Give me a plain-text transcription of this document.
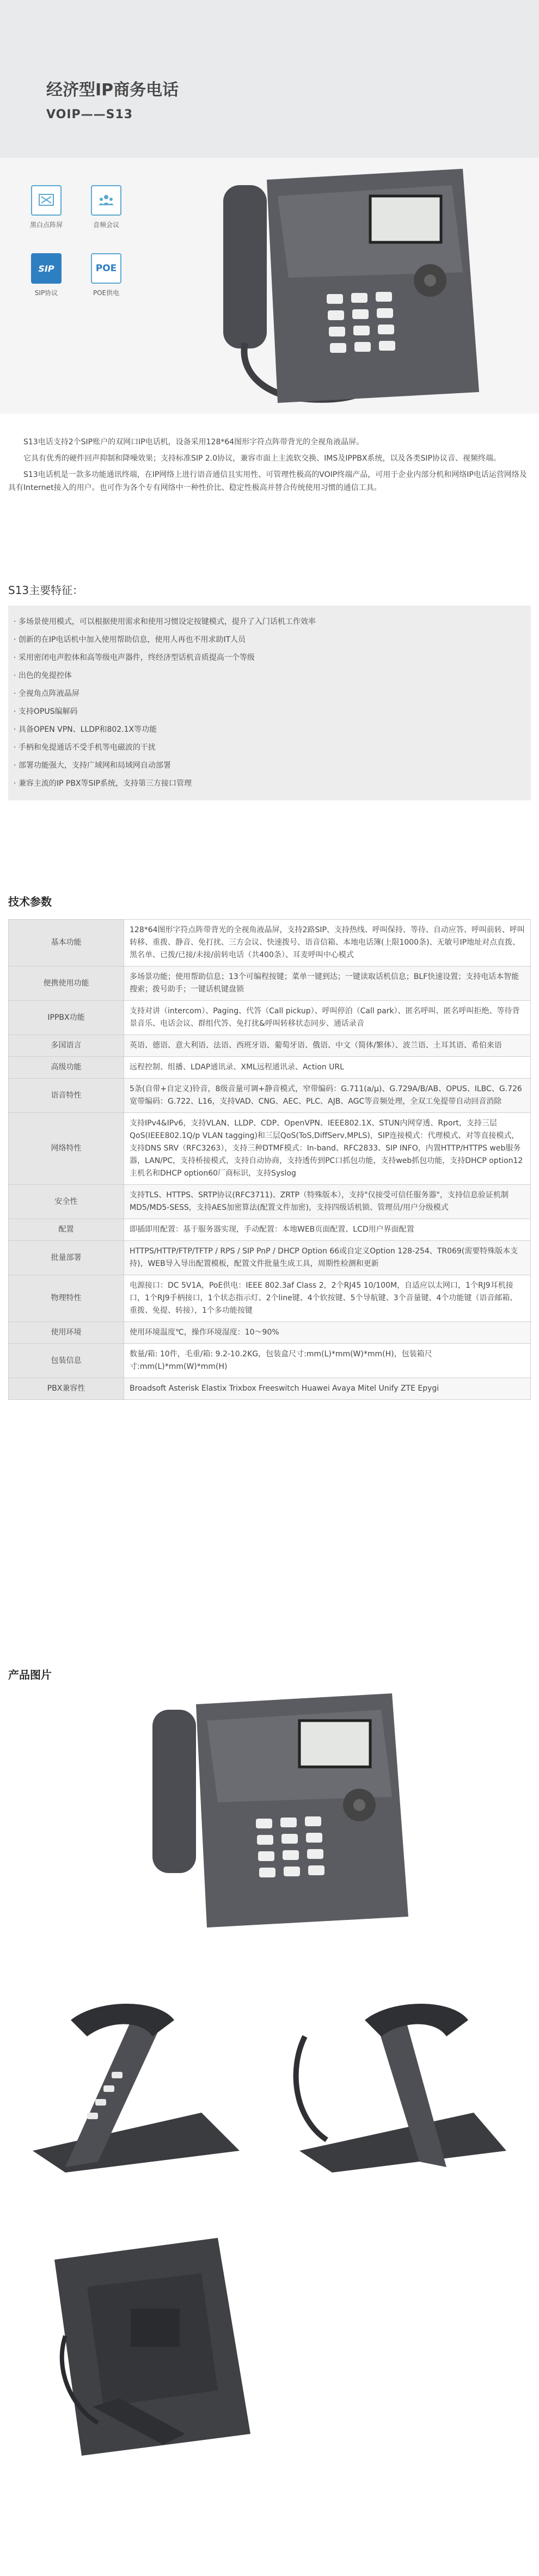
经济型IP商务电话
VOIP——S13
黑白点阵屏	音频会议
SIP
SIP协议
POE
POE供电

S13电话支持2个SIP账户的双网口IP电话机，设备采用128*64图形字符点阵带背光的全视角液晶屏。

它具有优秀的硬件回声抑制和降噪效果；支持标准SIP 2.0协议，兼容市面上主流软交换、IMS及IPPBX系统，以及各类SIP协议音、视频终端。

S13电话机是一款多功能通讯终端，在IP网络上进行语音通信且实用性、可管理性极高的VOIP终端产品，可用于企业内部分机和网络IP电话运营网络及具有Internet接入的用户。也可作为各个专有网络中一种性价比、稳定性极高并替合传统使用习惯的通信工具。

S13主要特征：
· 多场景使用模式，可以根据使用需求和使用习惯设定按键模式，提升了入门话机工作效率
· 创新的在IP电话机中加入使用帮助信息，使用人再也不用求助IT人员
· 采用密闭电声腔体和高等级电声器件，终经济型话机音质提高一个等级
· 出色的免提控体
· 全视角点阵液晶屏
· 支持OPUS编解码
· 具备OPEN VPN、LLDP和802.1X等功能
· 手柄和免提通话不受手机等电磁波的干扰
· 部署功能强大，支持广域网和局域网自动部署
· 兼容主流的IP PBX等SIP系统，支持第三方接口管理
技术参数
基本功能	128*64图形字符点阵带背光的全视角液晶屏，支持2路SIP、支持热线、呼叫保持、等待、自动应答、呼叫前转、呼叫转移、重拨、静音、免打扰、三方会议、快速拨号、语音信箱、本地电话簿(上限1000条)、无敏号IP地址对点直拨、黑名单、已拨/已接/未接/前转电话（共400条）、耳麦呼叫中心模式
便携使用功能	多场景功能；使用帮助信息；13个可编程按键；菜单一键到达；一键读取话机信息；BLF快速设置；支持电话本智能搜索；拨号助手；一键话机键盘锁
IPPBX功能	支持对讲（intercom）、Paging、代答（Call pickup）、呼叫停泊（Call park）、匿名呼叫、匿名呼叫拒绝、等待背景音乐、电话会议、群组代答、免打扰&呼叫转移状态同步、通话录音
多国语言	英语、德语、意大利语、法语、西班牙语、葡萄牙语、俄语、中文（简体/繁体）、波兰语、土耳其语、希伯来语
高级功能	远程控制、组播、LDAP通讯录、XML远程通讯录、Action URL
语音特性	5条(自带+自定义)铃音，8级音量可调+静音模式，窄带编码：G.711(a/μ)、G.729A/B/AB、OPUS、ILBC、G.726 宽带编码：G.722、L16，支持VAD、CNG、AEC、PLC、AJB、AGC等音频处理，全双工免提带自动回音消除
网络特性	支持IPv4&IPv6，支持VLAN、LLDP、CDP、OpenVPN、IEEE802.1X、STUN内网穿透、Rport，支持三层QoS(IEEE802.1Q/p VLAN tagging)和三层QoS(ToS,DiffServ,MPLS)，SIP连接模式：代理模式、对等直接模式，支持DNS SRV（RFC3263），支持三种DTMF模式：In-band、RFC2833、SIP INFO，内置HTTP/HTTPS web服务器，LAN/PC，支持桥接模式，支持自动协商，支持透传到PC口抓包功能，支持web抓包功能，支持DHCP option12主机名和DHCP option60厂商标识，支持Syslog
安全性	支持TLS、HTTPS、SRTP协议(RFC3711)、ZRTP（特殊版本），支持"仅接受可信任服务器"，支持信息验证机制MD5/MD5-SESS，支持AES加密算法(配置文件加密)，支持四级话机锁、管理员/用户分级模式
配置	即插即用配置：基于服务器实现，手动配置：本地WEB页面配置、LCD用户界面配置
批量部署	HTTPS/HTTP/FTP/TFTP / RPS / SIP PnP / DHCP Option 66或自定义Option 128-254、TR069(需要特殊版本支持)，WEB导入导出配置模板，配置文件批量生成工具，周期性检测和更新
物理特性	电源接口：DC 5V1A，PoE供电：IEEE 802.3af Class 2，2个RJ45 10/100M，自适应以太网口，1个RJ9耳机接口，1个RJ9手柄接口，1个状态指示灯、2个line键、4个软按键、5个导航键、3个音量键、4个功能键（语音邮箱、重拨、免提、转接），1个多功能按键
使用环境	使用环境温度℃，操作环境湿度：10～90%
包装信息	数量/箱: 10件，毛重/箱: 9.2-10.2KG，包装盒尺寸:mm(L)*mm(W)*mm(H)，包装箱尺寸:mm(L)*mm(W)*mm(H)
PBX兼容性	Broadsoft Asterisk Elastix Trixbox Freeswitch Huawei Avaya Mitel Unify ZTE Epygi
产品图片
